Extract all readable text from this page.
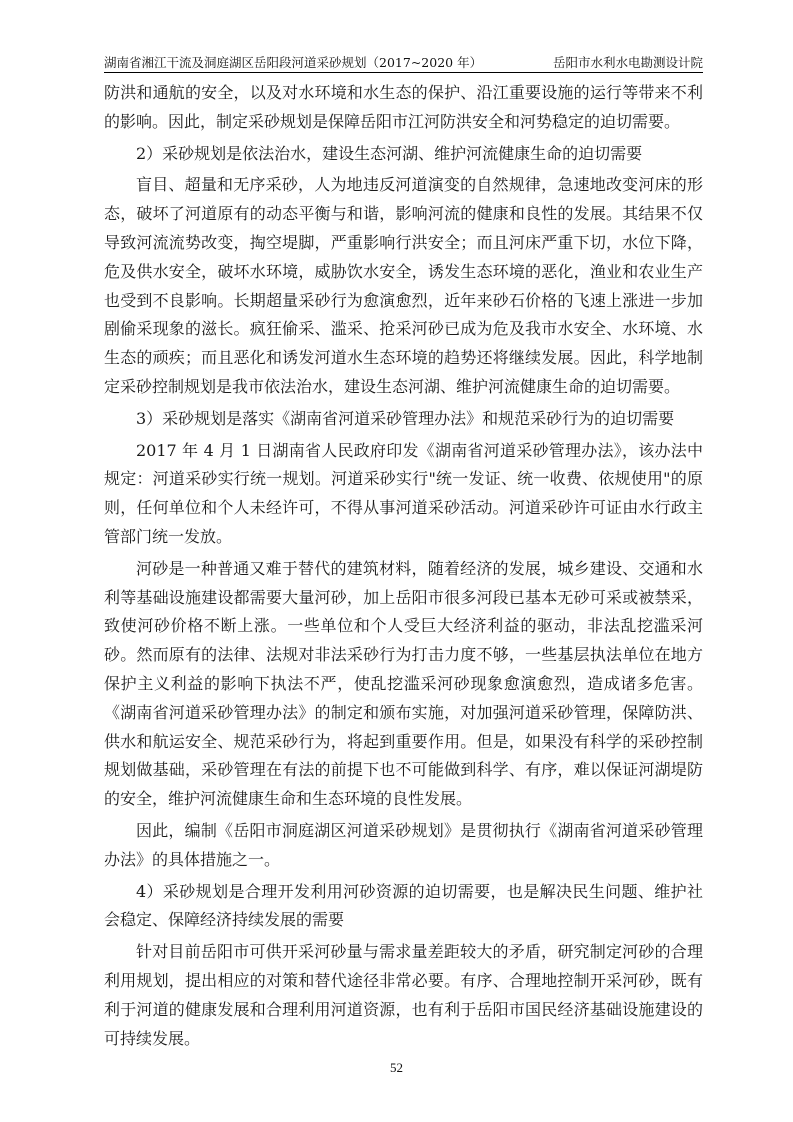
湖南省湘江干流及洞庭湖区岳阳段河道采砂规划（2017~2020 年）	岳阳市水利水电勘测设计院

防洪和通航的安全，以及对水环境和水生态的保护、沿江重要设施的运行等带来不利的影响。因此，制定采砂规划是保障岳阳市江河防洪安全和河势稳定的迫切需要。

2）采砂规划是依法治水，建设生态河湖、维护河流健康生命的迫切需要

盲目、超量和无序采砂，人为地违反河道演变的自然规律，急速地改变河床的形态，破坏了河道原有的动态平衡与和谐，影响河流的健康和良性的发展。其结果不仅导致河流流势改变，掏空堤脚，严重影响行洪安全；而且河床严重下切，水位下降，危及供水安全，破坏水环境，威胁饮水安全，诱发生态环境的恶化，渔业和农业生产也受到不良影响。长期超量采砂行为愈演愈烈，近年来砂石价格的飞速上涨进一步加剧偷采现象的滋长。疯狂偷采、滥采、抢采河砂已成为危及我市水安全、水环境、水生态的顽疾；而且恶化和诱发河道水生态环境的趋势还将继续发展。因此，科学地制定采砂控制规划是我市依法治水，建设生态河湖、维护河流健康生命的迫切需要。

3）采砂规划是落实《湖南省河道采砂管理办法》和规范采砂行为的迫切需要

2017 年 4 月 1 日湖南省人民政府印发《湖南省河道采砂管理办法》，该办法中规定：河道采砂实行统一规划。河道采砂实行"统一发证、统一收费、依规使用"的原则，任何单位和个人未经许可，不得从事河道采砂活动。河道采砂许可证由水行政主管部门统一发放。

河砂是一种普通又难于替代的建筑材料，随着经济的发展，城乡建设、交通和水利等基础设施建设都需要大量河砂，加上岳阳市很多河段已基本无砂可采或被禁采，致使河砂价格不断上涨。一些单位和个人受巨大经济利益的驱动，非法乱挖滥采河砂。然而原有的法律、法规对非法采砂行为打击力度不够，一些基层执法单位在地方保护主义利益的影响下执法不严，使乱挖滥采河砂现象愈演愈烈，造成诸多危害。《湖南省河道采砂管理办法》的制定和颁布实施，对加强河道采砂管理，保障防洪、供水和航运安全、规范采砂行为，将起到重要作用。但是，如果没有科学的采砂控制规划做基础，采砂管理在有法的前提下也不可能做到科学、有序，难以保证河湖堤防的安全，维护河流健康生命和生态环境的良性发展。

因此，编制《岳阳市洞庭湖区河道采砂规划》是贯彻执行《湖南省河道采砂管理办法》的具体措施之一。

4）采砂规划是合理开发利用河砂资源的迫切需要，也是解决民生问题、维护社会稳定、保障经济持续发展的需要

针对目前岳阳市可供开采河砂量与需求量差距较大的矛盾，研究制定河砂的合理利用规划，提出相应的对策和替代途径非常必要。有序、合理地控制开采河砂，既有利于河道的健康发展和合理利用河道资源，也有利于岳阳市国民经济基础设施建设的可持续发展。

52
